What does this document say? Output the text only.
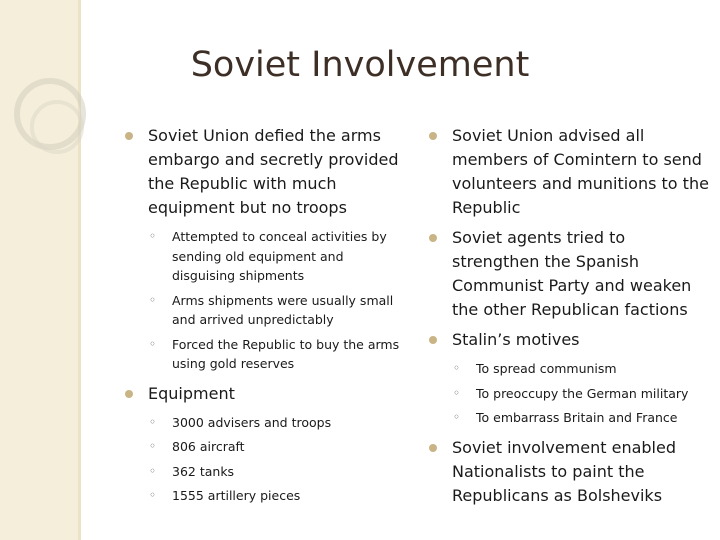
Soviet Involvement
Soviet Union defied the arms embargo and secretly provided the Republic with much equipment but no troops
◦ Attempted to conceal activities by sending old equipment and disguising shipments
◦ Arms shipments were usually small and arrived unpredictably
◦ Forced the Republic to buy the arms using gold reserves
Equipment
◦ 3000 advisers and troops
◦ 806 aircraft
◦ 362 tanks
◦ 1555 artillery pieces
Soviet Union advised all members of Comintern to send volunteers and munitions to the Republic
Soviet agents tried to strengthen the Spanish Communist Party and weaken the other Republican factions
Stalin’s motives
◦ To spread communism
◦ To preoccupy the German military
◦ To embarrass Britain and France
Soviet involvement enabled Nationalists to paint the Republicans as Bolsheviks
